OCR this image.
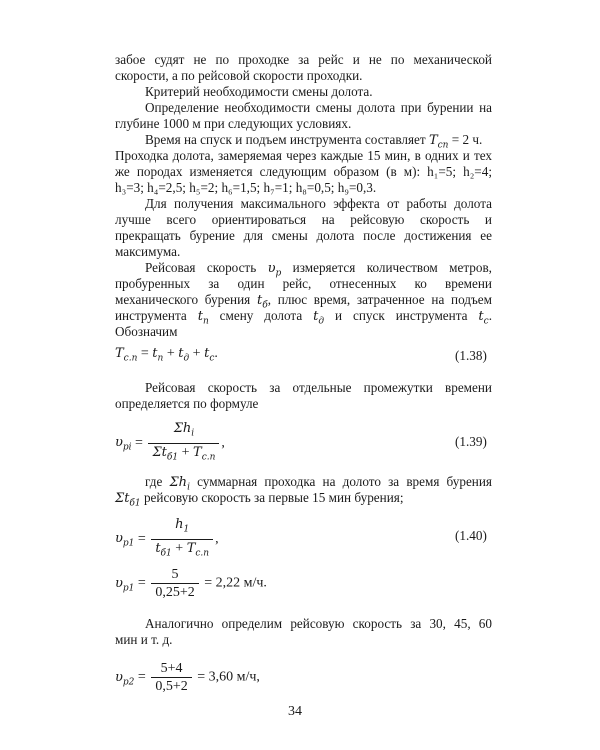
забое судят не по проходке за рейс и не по механической
скорости, а по рейсовой скорости проходки.
Критерий необходимости смены долота.
Определение необходимости смены долота при бурении на
глубине 1000 м при следующих условиях.
Время на спуск и подъем инструмента составляет $T_{сп} = 2$ ч.
Проходка долота, замеряемая через каждые 15 мин, в одних и тех
же породах изменяется следующим образом (в м): h₁=5; h₂=4;
h₃=3; h₄=2,5; h₅=2; h₆=1,5; h₇=1; h₈=0,5; h₉=0,3.
Для получения максимального эффекта от работы долота
лучше всего ориентироваться на рейсовую скорость и
прекращать бурение для смены долота после достижения ее
максимума.
Рейсовая скорость $\upsilon_р$ измеряется количеством метров,
пробуренных за один рейс, отнесенных ко времени
механического бурения $t_б$, плюс время, затраченное на подъем
инструмента $t_п$ смену долота $t_д$ и спуск инструмента $t_с$.
Обозначим
$T_{с.п} = t_п + t_д + t_с$.	(1.38)
Рейсовая скорость за отдельные промежутки времени
определяется по формуле
$\upsilon_{рi} = \frac{\Sigma h_i}{\Sigma t_{б1} + T_{с.п}}$ ,	(1.39)
где $\Sigma h_i$ суммарная проходка на долото за время бурения
$\Sigma t_{б1}$ рейсовую скорость за первые 15 мин бурения;
$\upsilon_{р1} = \frac{h_1}{t_{б1} + T_{с.п}}$ ,	(1.40)
$\upsilon_{р1} = \frac{5}{0,25+2} = 2,22$ м/ч.
Аналогично определим рейсовую скорость за 30, 45, 60
мин и т. д.
$\upsilon_{р2} = \frac{5+4}{0,5+2} = 3,60$ м/ч,
34
